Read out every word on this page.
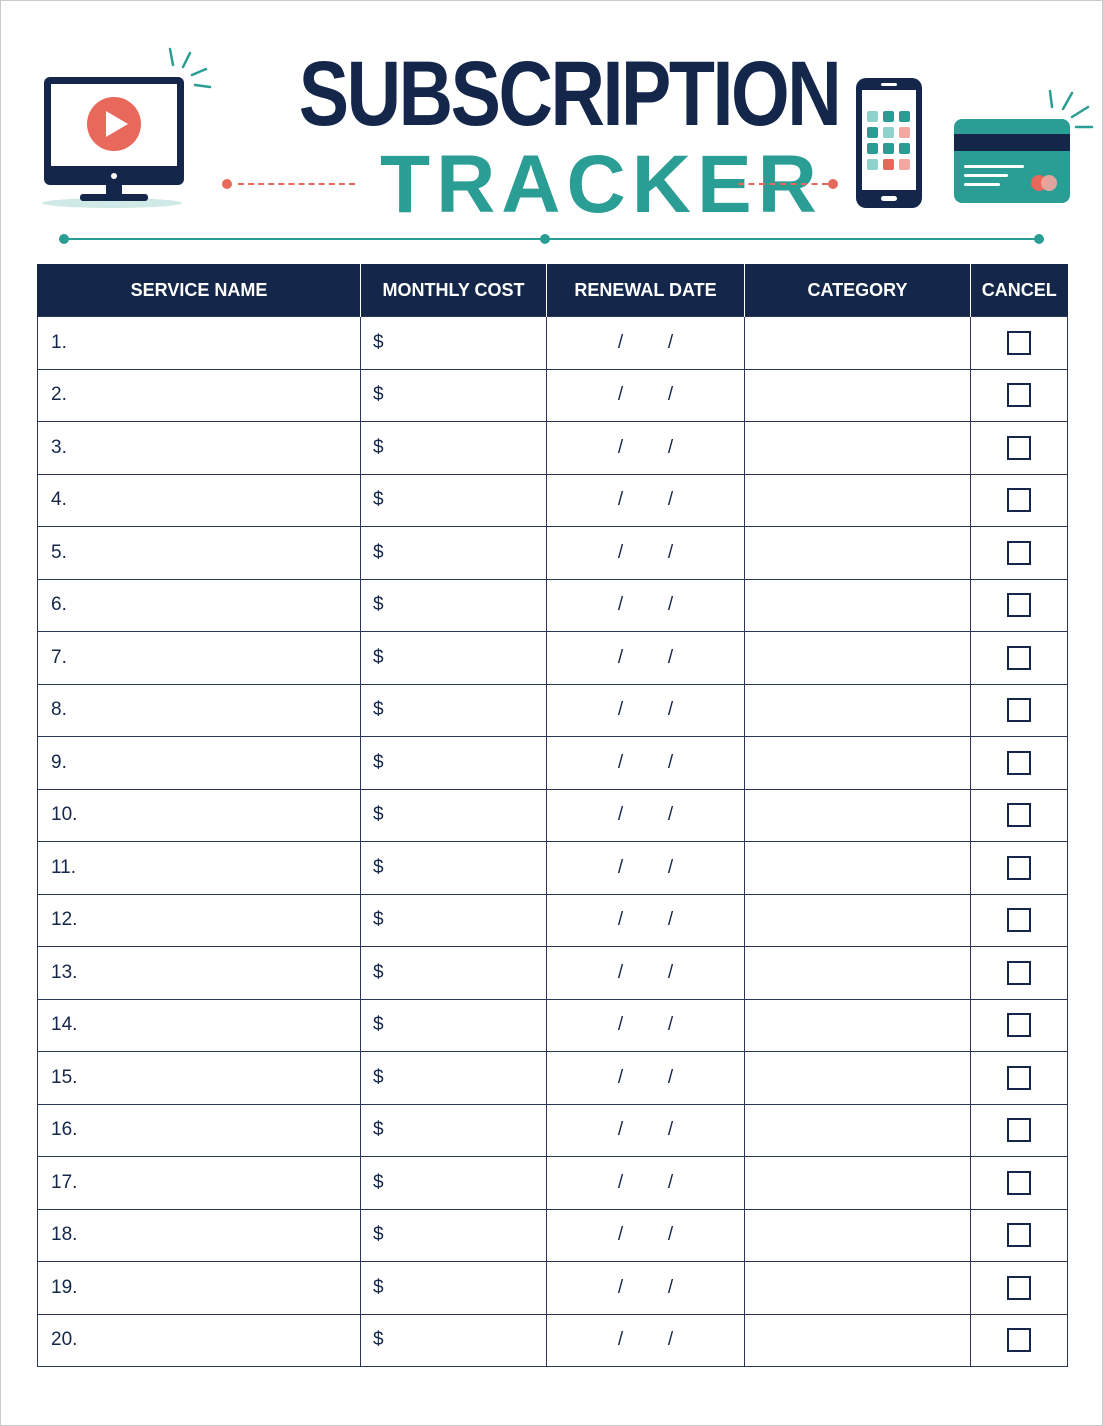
SUBSCRIPTION
TRACKER
SERVICE NAME	MONTHLY COST	RENEWAL DATE	CATEGORY	CANCEL
1.	$	/ /		
2.	$	/ /		
3.	$	/ /		
4.	$	/ /		
5.	$	/ /		
6.	$	/ /		
7.	$	/ /		
8.	$	/ /		
9.	$	/ /		
10.	$	/ /		
11.	$	/ /		
12.	$	/ /		
13.	$	/ /		
14.	$	/ /		
15.	$	/ /		
16.	$	/ /		
17.	$	/ /		
18.	$	/ /		
19.	$	/ /		
20.	$	/ /		
